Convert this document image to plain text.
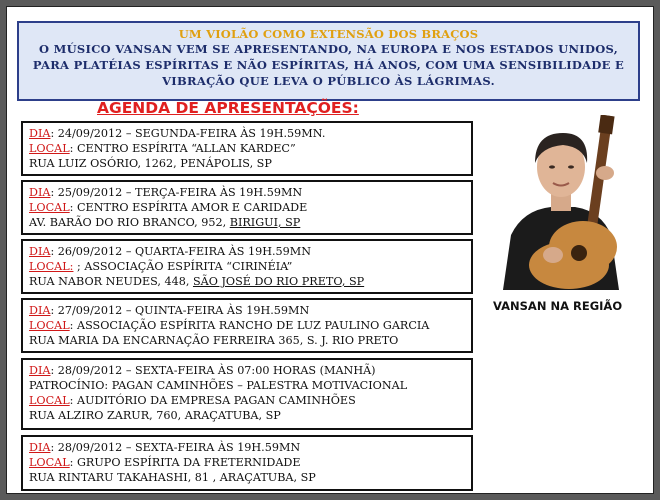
UM VIOLÃO COMO EXTENSÃO DOS BRAÇOS
O MÚSICO VANSAN VEM SE APRESENTANDO, NA EUROPA E NOS ESTADOS UNIDOS,
PARA PLATÉIAS ESPÍRITAS E NÃO ESPÍRITAS, HÁ ANOS, COM UMA SENSIBILIDADE E
VIBRAÇÃO QUE LEVA O PÚBLICO ÀS LÁGRIMAS.
AGENDA DE APRESENTAÇÕES:
DIA: 24/09/2012 – SEGUNDA-FEIRA ÀS 19H.59MN.
LOCAL: CENTRO ESPÍRITA “ALLAN KARDEC”
RUA LUIZ OSÓRIO, 1262, PENÁPOLIS, SP
DIA: 25/09/2012 – TERÇA-FEIRA ÀS 19H.59MN
LOCAL: CENTRO ESPÍRITA AMOR E CARIDADE
AV. BARÃO DO RIO BRANCO, 952, BIRIGUI, SP
DIA: 26/09/2012 – QUARTA-FEIRA ÀS 19H.59MN
LOCAL: ; ASSOCIAÇÃO ESPÍRITA “CIRINÉIA”
RUA NABOR NEUDES, 448, SÃO JOSÉ DO RIO PRETO, SP
DIA: 27/09/2012 – QUINTA-FEIRA ÀS 19H.59MN
LOCAL: ASSOCIAÇÃO ESPÍRITA RANCHO DE LUZ PAULINO GARCIA
RUA MARIA DA ENCARNAÇÃO FERREIRA 365, S. J. RIO PRETO
DIA: 28/09/2012 – SEXTA-FEIRA ÀS 07:00 HORAS (MANHÃ)
PATROCÍNIO: PAGAN CAMINHÕES – PALESTRA MOTIVACIONAL
LOCAL: AUDITÓRIO DA EMPRESA PAGAN CAMINHÕES
RUA ALZIRO ZARUR, 760, ARAÇATUBA, SP
DIA: 28/09/2012 – SEXTA-FEIRA ÀS 19H.59MN
LOCAL: GRUPO ESPÍRITA DA FRETERNIDADE
RUA RINTARU TAKAHASHI, 81 , ARAÇATUBA, SP
VANSAN NA REGIÃO
